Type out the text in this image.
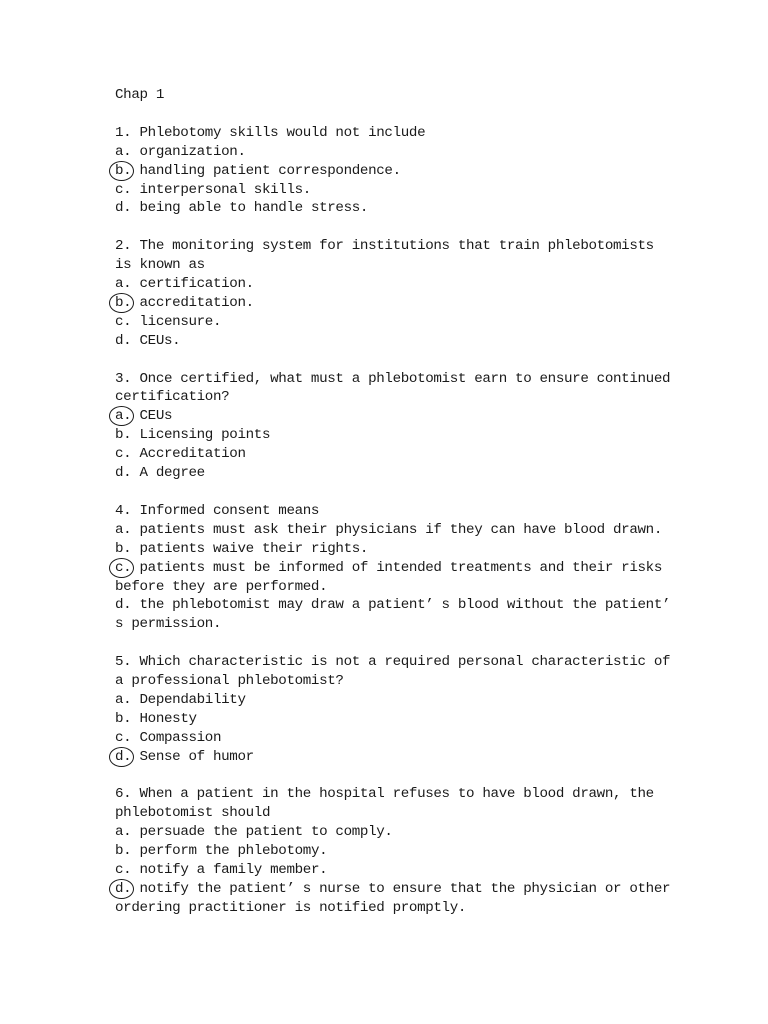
Chap 1

1. Phlebotomy skills would not include

a. organization.

b. handling patient correspondence.

c. interpersonal skills.

d. being able to handle stress.

2. The monitoring system for institutions that train phlebotomists is known as

a. certification.

b. accreditation.

c. licensure.

d. CEUs.

3. Once certified, what must a phlebotomist earn to ensure continued certification?

a. CEUs

b. Licensing points

c. Accreditation

d. A degree

4. Informed consent means

a. patients must ask their physicians if they can have blood drawn.

b. patients waive their rights.

c. patients must be informed of intended treatments and their risks before they are performed.

d. the phlebotomist may draw a patient’ s blood without the patient’ s permission.

5. Which characteristic is not a required personal characteristic of a professional phlebotomist?

a. Dependability

b. Honesty

c. Compassion

d. Sense of humor

6. When a patient in the hospital refuses to have blood drawn, the phlebotomist should

a. persuade the patient to comply.

b. perform the phlebotomy.

c. notify a family member.

d. notify the patient’ s nurse to ensure that the physician or other ordering practitioner is notified promptly.
